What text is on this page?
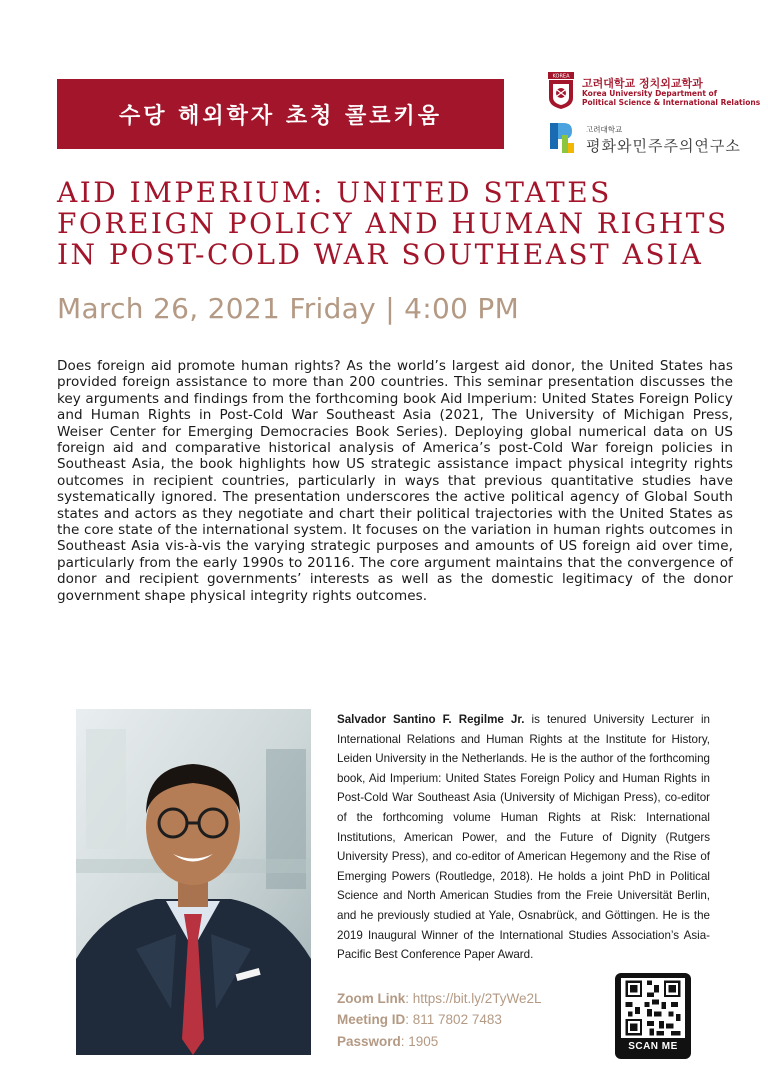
수당 해외학자 초청 콜로키움
KOREA
고려대학교 정치외교학과
Korea University Department of
Political Science & International Relations
고려대학교
평화와민주주의연구소
AID IMPERIUM: UNITED STATES
FOREIGN POLICY AND HUMAN RIGHTS
IN POST-COLD WAR SOUTHEAST ASIA
March 26, 2021 Friday | 4:00 PM
Does foreign aid promote human rights? As the world’s largest aid donor, the United States has provided foreign assistance to more than 200 countries. This seminar presentation discusses the key arguments and findings from the forthcoming book Aid Imperium: United States Foreign Policy and Human Rights in Post-Cold War Southeast Asia (2021, The University of Michigan Press, Weiser Center for Emerging Democracies Book Series). Deploying global numerical data on US foreign aid and comparative historical analysis of America’s post-Cold War foreign policies in Southeast Asia, the book highlights how US strategic assistance impact physical integrity rights outcomes in recipient countries, particularly in ways that previous quantitative studies have systematically ignored. The presentation underscores the active political agency of Global South states and actors as they negotiate and chart their political trajectories with the United States as the core state of the international system. It focuses on the variation in human rights outcomes in Southeast Asia vis-à-vis the varying strategic purposes and amounts of US foreign aid over time, particularly from the early 1990s to 20116. The core argument maintains that the convergence of donor and recipient governments’ interests as well as the domestic legitimacy of the donor government shape physical integrity rights outcomes.
Salvador Santino F. Regilme Jr. is tenured University Lecturer in International Relations and Human Rights at the Institute for History, Leiden University in the Netherlands. He is the author of the forthcoming book, Aid Imperium: United States Foreign Policy and Human Rights in Post-Cold War Southeast Asia (University of Michigan Press), co-editor of the forthcoming volume Human Rights at Risk: International Institutions, American Power, and the Future of Dignity (Rutgers University Press), and co-editor of American Hegemony and the Rise of Emerging Powers (Routledge, 2018). He holds a joint PhD in Political Science and North American Studies from the Freie Universität Berlin, and he previously studied at Yale, Osnabrück, and Göttingen. He is the 2019 Inaugural Winner of the International Studies Association’s Asia-Pacific Best Conference Paper Award.
Zoom Link: https://bit.ly/2TyWe2L
Meeting ID: 811 7802 7483
Password: 1905	SCAN ME
